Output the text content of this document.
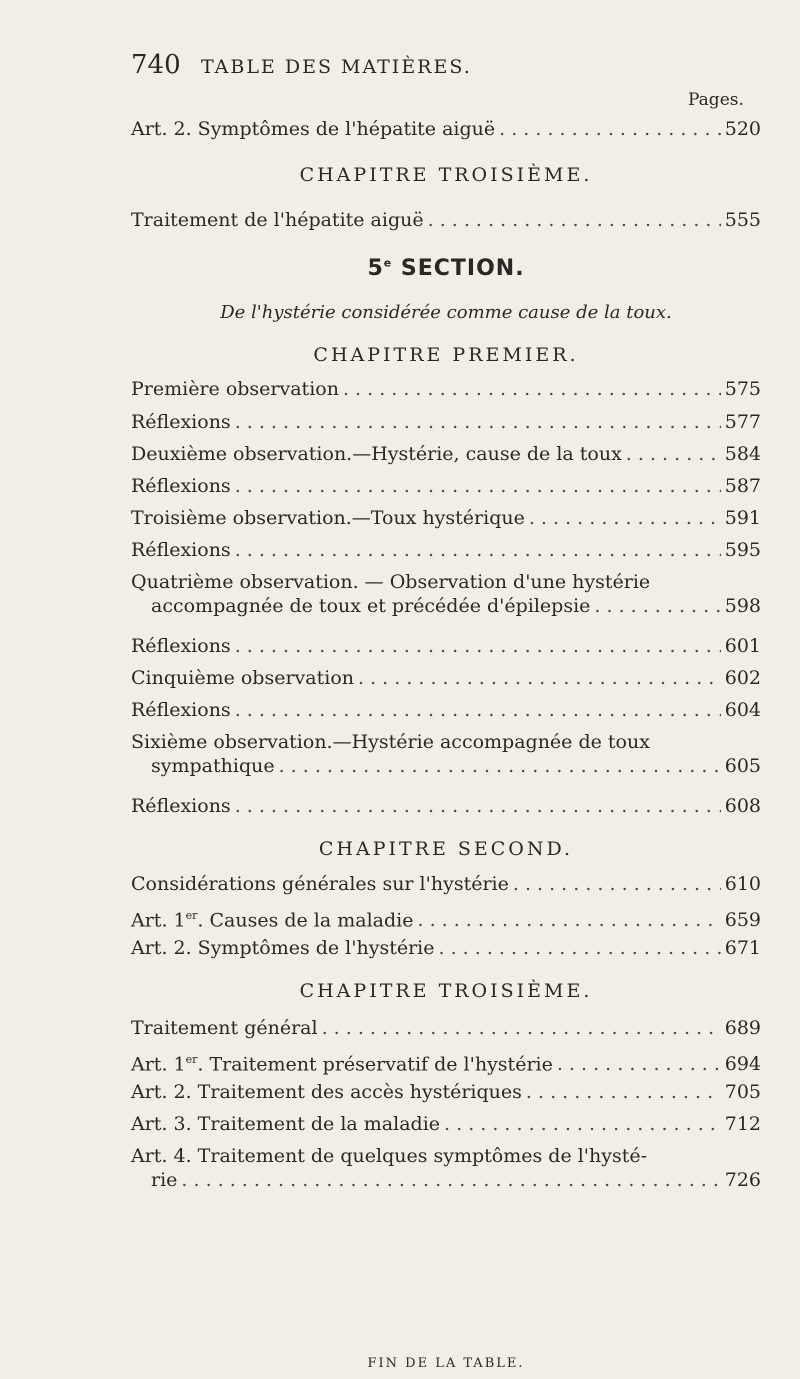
740 TABLE DES MATIÈRES.
Pages.
Art. 2. Symptômes de l'hépatite aiguë . . .	520
CHAPITRE TROISIÈME.
Traitement de l'hépatite aiguë . . .	555
5e SECTION.
De l'hystérie considérée comme cause de la toux.
CHAPITRE PREMIER.
Première observation . . .	575
Réflexions . . .	577
Deuxième observation.—Hystérie, cause de la toux . . .	584
Réflexions . . .	587
Troisième observation.—Toux hystérique . . .	591
Réflexions . . .	595
Quatrième observation. — Observation d'une hystérie
accompagnée de toux et précédée d'épilepsie . . .	598
Réflexions . . .	601
Cinquième observation . . .	602
Réflexions . . .	604
Sixième observation.—Hystérie accompagnée de toux
sympathique . . .	605
Réflexions . . .	608
CHAPITRE SECOND.
Considérations générales sur l'hystérie . . .	610
Art. 1er. Causes de la maladie . . .	659
Art. 2. Symptômes de l'hystérie . . .	671
CHAPITRE TROISIÈME.
Traitement général . . .	689
Art. 1er. Traitement préservatif de l'hystérie . . .	694
Art. 2. Traitement des accès hystériques . . .	705
Art. 3. Traitement de la maladie . . .	712
Art. 4. Traitement de quelques symptômes de l'hysté-
rie . . .	726
FIN DE LA TABLE.
